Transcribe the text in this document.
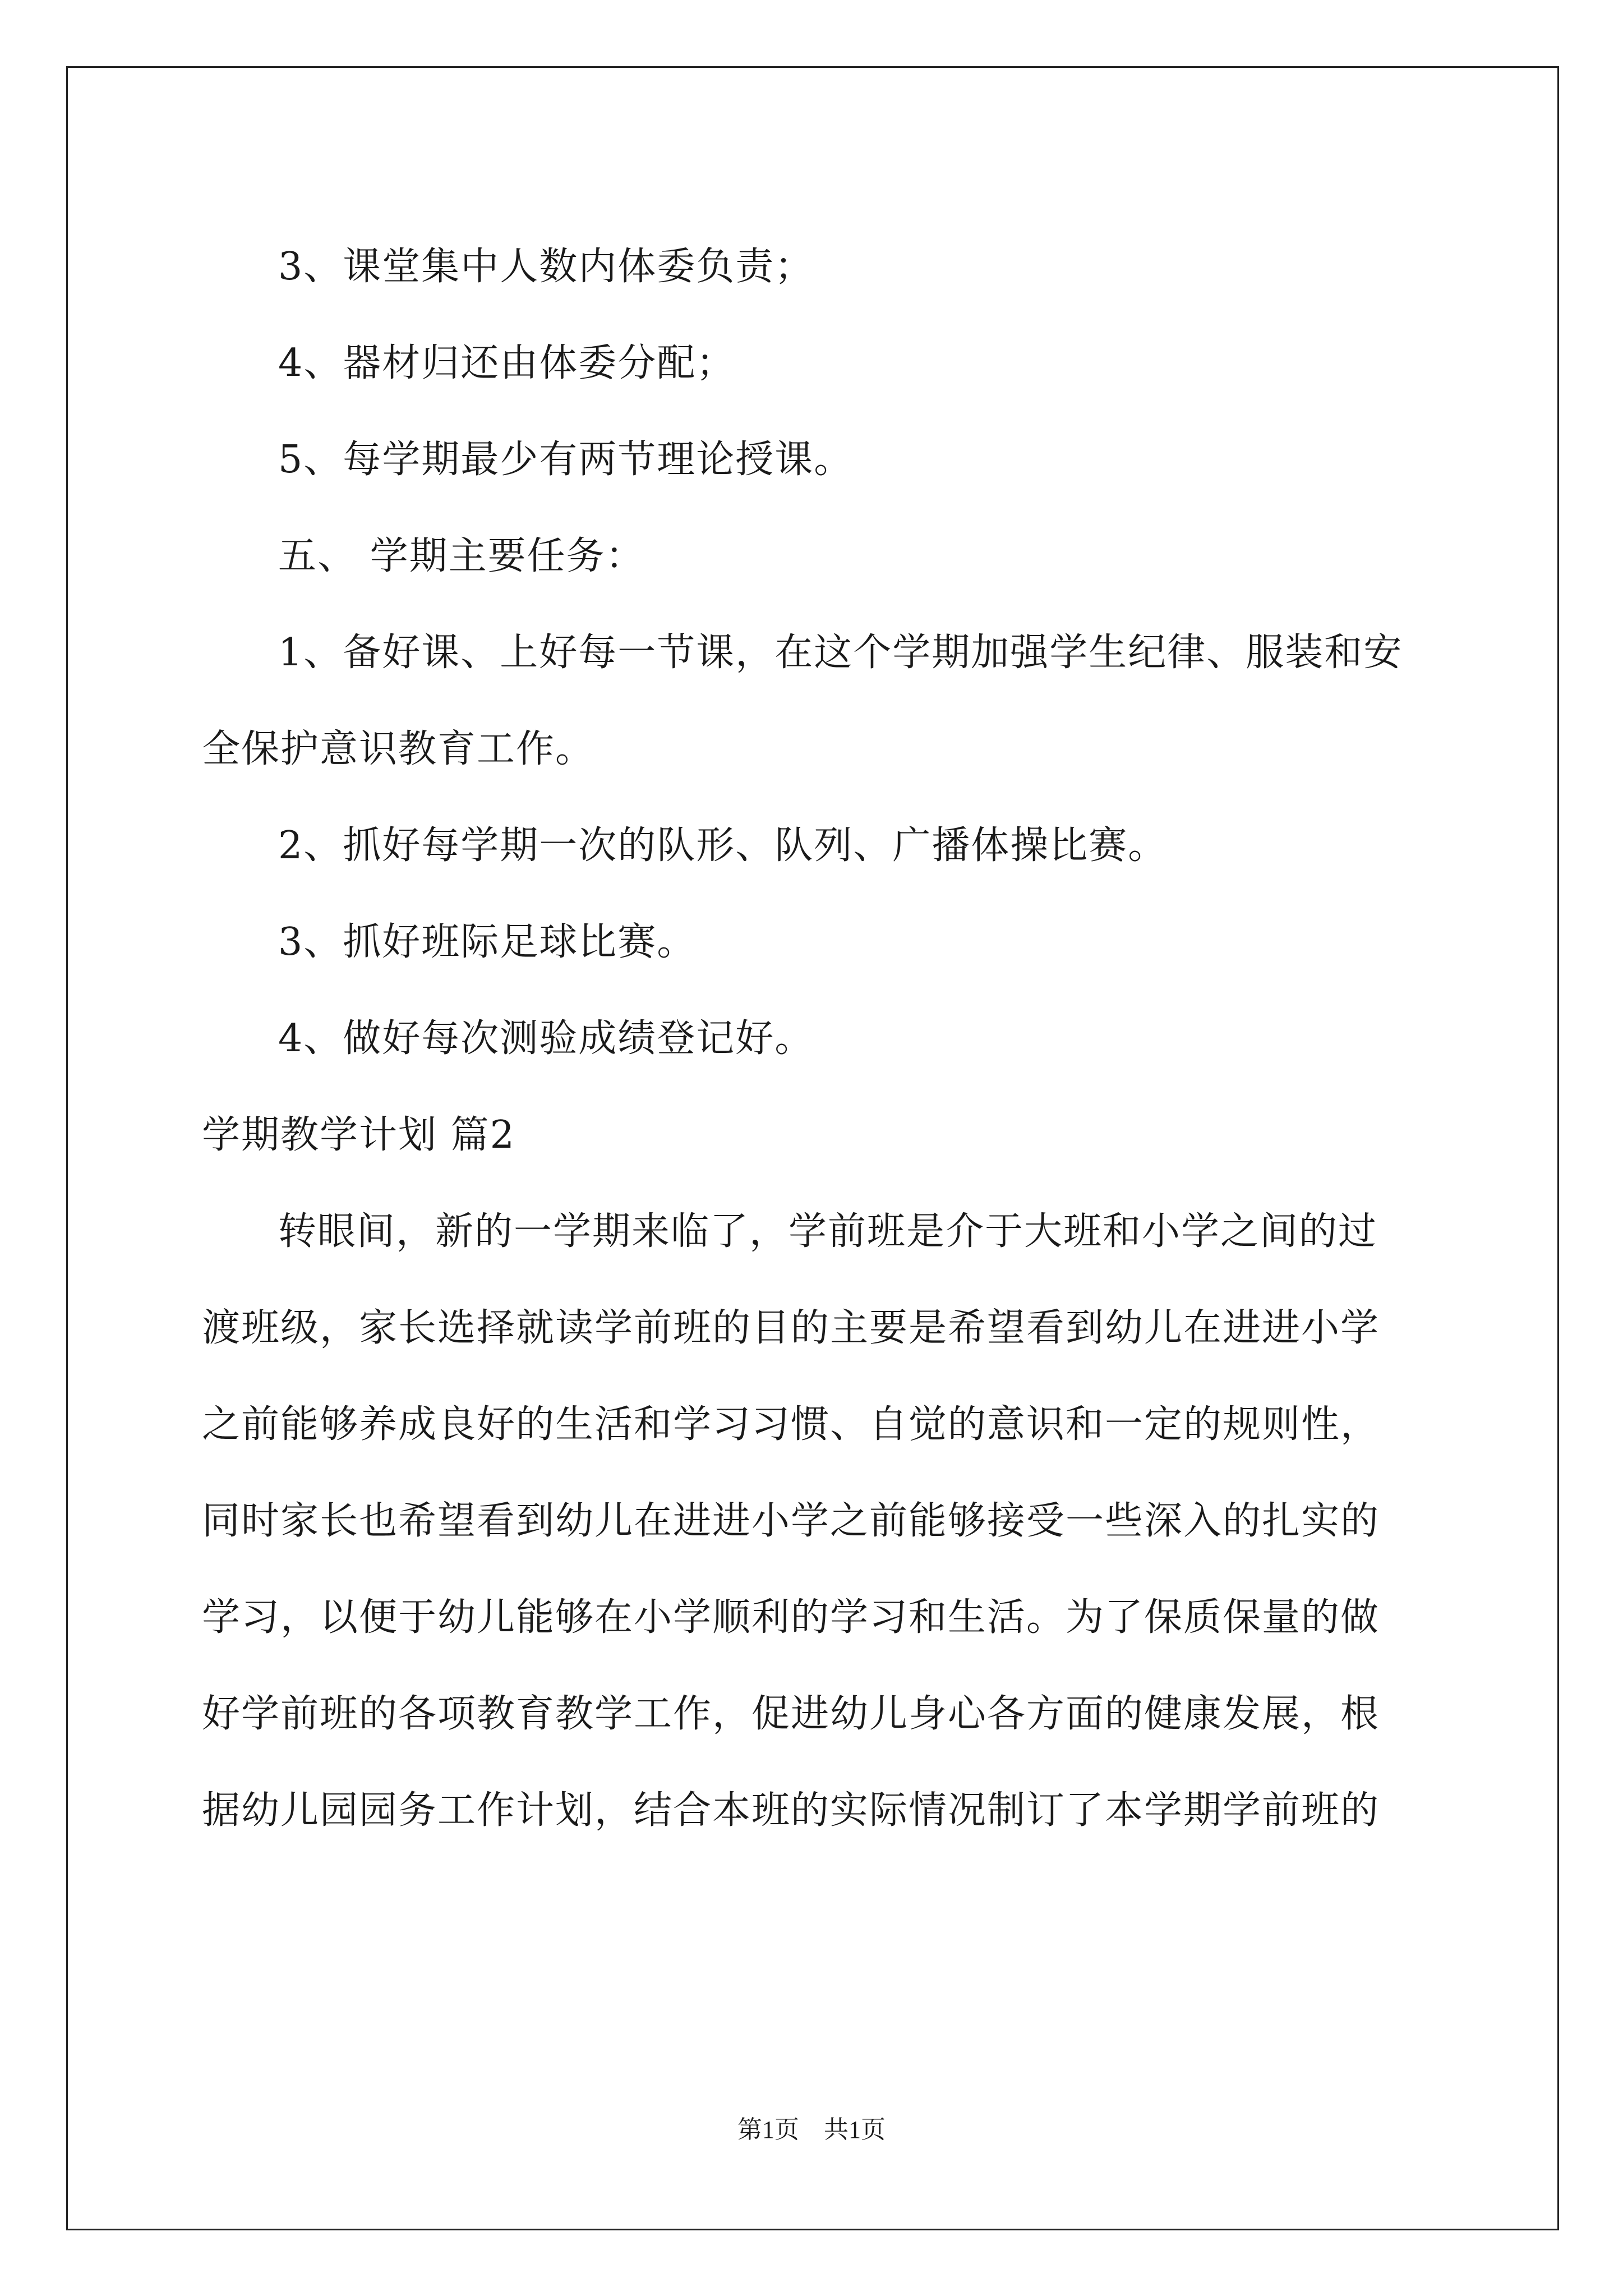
3、课堂集中人数内体委负责；
4、器材归还由体委分配；
5、每学期最少有两节理论授课。
五、 学期主要任务：
1、备好课、上好每一节课，在这个学期加强学生纪律、服装和安
全保护意识教育工作。
2、抓好每学期一次的队形、队列、广播体操比赛。
3、抓好班际足球比赛。
4、做好每次测验成绩登记好。
学期教学计划 篇2
转眼间，新的一学期来临了，学前班是介于大班和小学之间的过
渡班级，家长选择就读学前班的目的主要是希望看到幼儿在进进小学
之前能够养成良好的生活和学习习惯、自觉的意识和一定的规则性，
同时家长也希望看到幼儿在进进小学之前能够接受一些深入的扎实的
学习，以便于幼儿能够在小学顺利的学习和生活。为了保质保量的做
好学前班的各项教育教学工作，促进幼儿身心各方面的健康发展，根
据幼儿园园务工作计划，结合本班的实际情况制订了本学期学前班的
第1页　共1页
